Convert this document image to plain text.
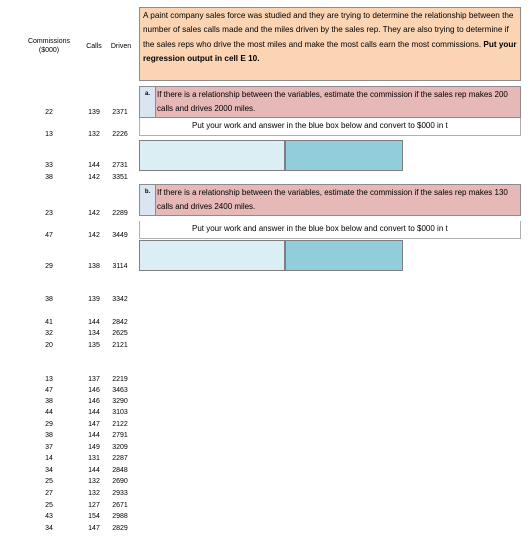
Commissions
($000)
Calls	Driven
22	139	2371
13	132	2226
33	144	2731
38	142	3351
23	142	2289
47	142	3449
29	138	3114
38	139	3342
41	144	2842
32	134	2625
20	135	2121
13	137	2219
47	146	3463
38	146	3290
44	144	3103
29	147	2122
38	144	2791
37	149	3209
14	131	2287
34	144	2848
25	132	2690
27	132	2933
25	127	2671
43	154	2988
34	147	2829
A paint company sales force was studied and they are trying to determine the relationship between the number of sales calls made and the miles driven by the sales rep. They are also trying to determine if the sales reps who drive the most miles and make the most calls earn the most commissions. Put your regression output in cell E 10.
a. If there is a relationship between the variables, estimate the commission if the sales rep makes 200 calls and drives 2000 miles.
Put your work and answer in the blue box below and convert to $000 in t
b. If there is a relationship between the variables, estimate the commission if the sales rep makes 130 calls and drives 2400 miles.
Put your work and answer in the blue box below and convert to $000 in t
